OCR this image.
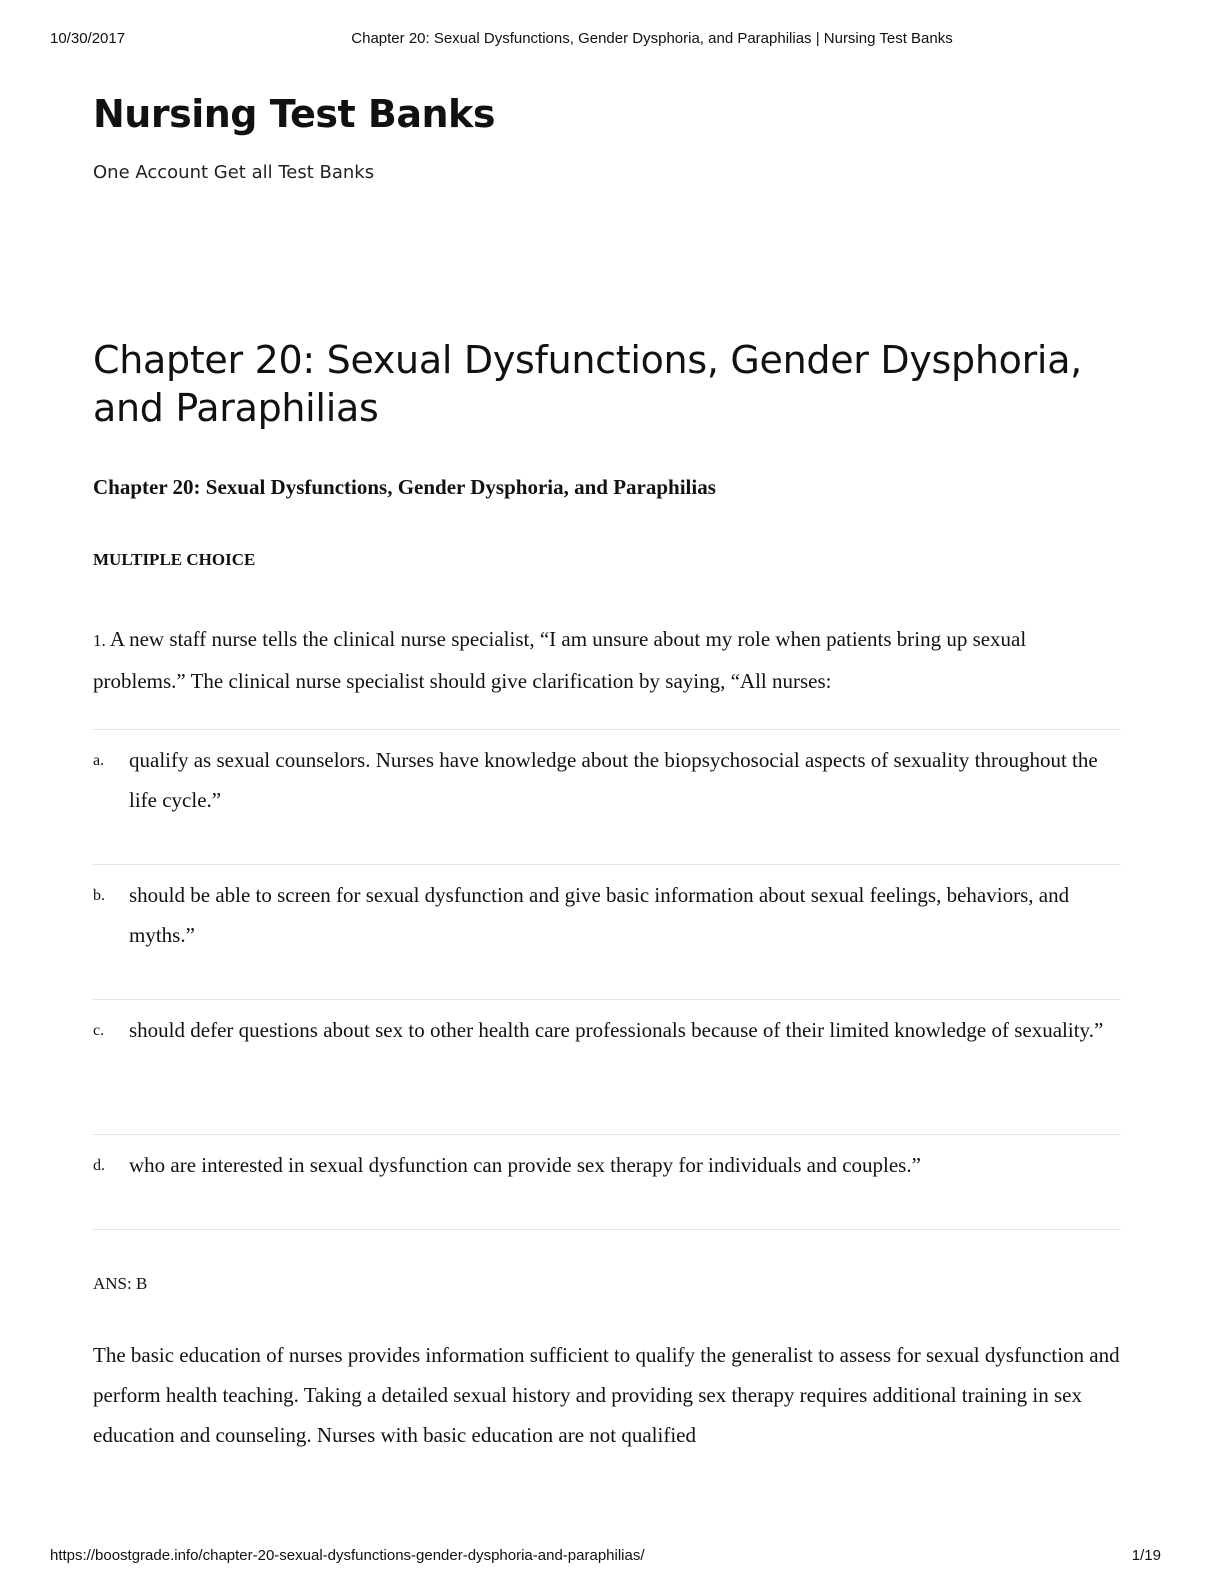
10/30/2017	Chapter 20: Sexual Dysfunctions, Gender Dysphoria, and Paraphilias | Nursing Test Banks
Nursing Test Banks
One Account Get all Test Banks
Chapter 20: Sexual Dysfunctions, Gender Dysphoria, and Paraphilias
Chapter 20: Sexual Dysfunctions, Gender Dysphoria, and Paraphilias
MULTIPLE CHOICE
1. A new staff nurse tells the clinical nurse specialist, “I am unsure about my role when patients bring up sexual problems.” The clinical nurse specialist should give clarification by saying, “All nurses:
a. qualify as sexual counselors. Nurses have knowledge about the biopsychosocial aspects of sexuality throughout the life cycle.”
b. should be able to screen for sexual dysfunction and give basic information about sexual feelings, behaviors, and myths.”
c. should defer questions about sex to other health care professionals because of their limited knowledge of sexuality.”
d. who are interested in sexual dysfunction can provide sex therapy for individuals and couples.”
ANS: B
The basic education of nurses provides information sufficient to qualify the generalist to assess for sexual dysfunction and perform health teaching. Taking a detailed sexual history and providing sex therapy requires additional training in sex education and counseling. Nurses with basic education are not qualified
https://boostgrade.info/chapter-20-sexual-dysfunctions-gender-dysphoria-and-paraphilias/	1/19
